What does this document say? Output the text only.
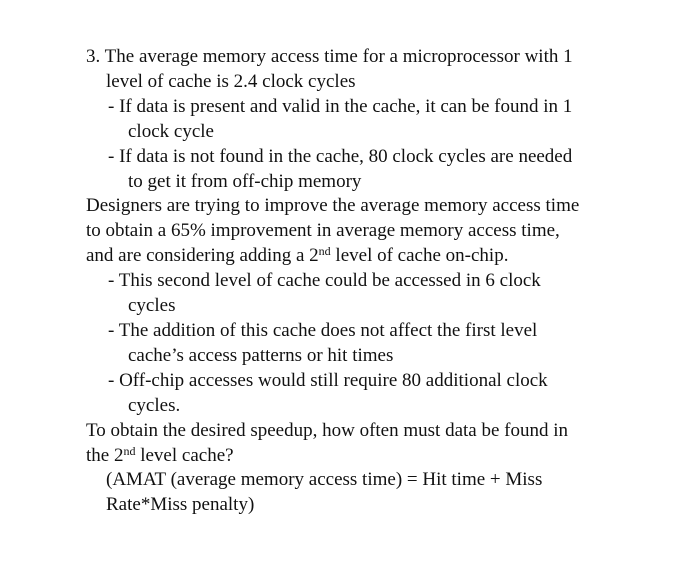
3. The average memory access time for a microprocessor with 1
level of cache is 2.4 clock cycles
- If data is present and valid in the cache, it can be found in 1
clock cycle
- If data is not found in the cache, 80 clock cycles are needed
to get it from off-chip memory
Designers are trying to improve the average memory access time
to obtain a 65% improvement in average memory access time,
and are considering adding a 2nd level of cache on-chip.
- This second level of cache could be accessed in 6 clock
cycles
- The addition of this cache does not affect the first level
cache’s access patterns or hit times
- Off-chip accesses would still require 80 additional clock
cycles.
To obtain the desired speedup, how often must data be found in
the 2nd level cache?
(AMAT (average memory access time) = Hit time + Miss
Rate*Miss penalty)
